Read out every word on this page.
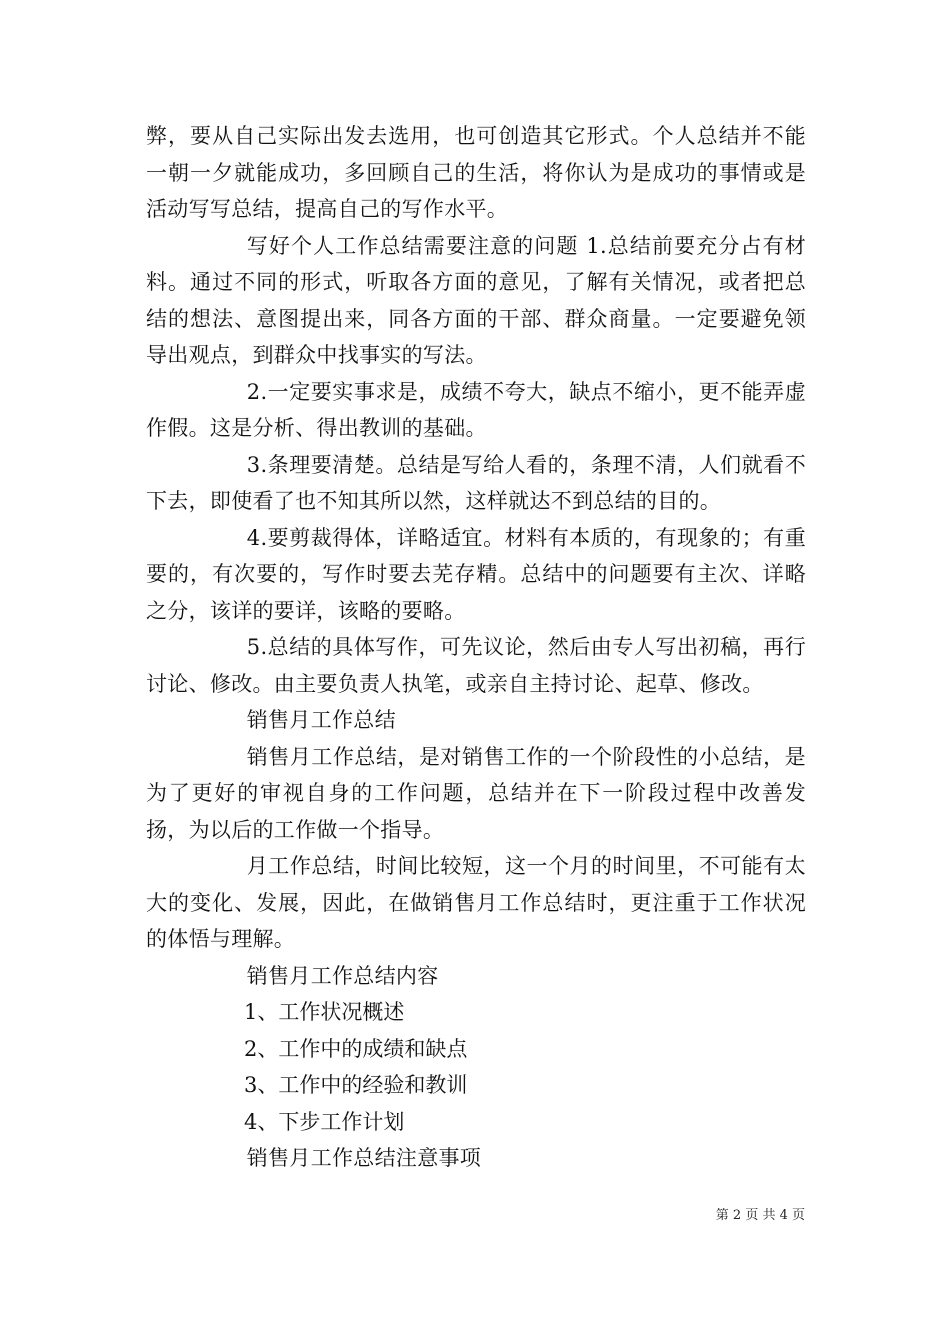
弊，要从自己实际出发去选用，也可创造其它形式。个人总结并不能一朝一夕就能成功，多回顾自己的生活，将你认为是成功的事情或是活动写写总结，提高自己的写作水平。

写好个人工作总结需要注意的问题 1.总结前要充分占有材料。通过不同的形式，听取各方面的意见，了解有关情况，或者把总结的想法、意图提出来，同各方面的干部、群众商量。一定要避免领导出观点，到群众中找事实的写法。

2.一定要实事求是，成绩不夸大，缺点不缩小，更不能弄虚作假。这是分析、得出教训的基础。

3.条理要清楚。总结是写给人看的，条理不清，人们就看不下去，即使看了也不知其所以然，这样就达不到总结的目的。

4.要剪裁得体，详略适宜。材料有本质的，有现象的；有重要的，有次要的，写作时要去芜存精。总结中的问题要有主次、详略之分，该详的要详，该略的要略。

5.总结的具体写作，可先议论，然后由专人写出初稿，再行讨论、修改。由主要负责人执笔，或亲自主持讨论、起草、修改。

销售月工作总结

销售月工作总结，是对销售工作的一个阶段性的小总结，是为了更好的审视自身的工作问题，总结并在下一阶段过程中改善发扬，为以后的工作做一个指导。

月工作总结，时间比较短，这一个月的时间里，不可能有太大的变化、发展，因此，在做销售月工作总结时，更注重于工作状况的体悟与理解。

销售月工作总结内容

1、工作状况概述

2、工作中的成绩和缺点

3、工作中的经验和教训

4、下步工作计划

销售月工作总结注意事项

第 2 页 共 4 页
